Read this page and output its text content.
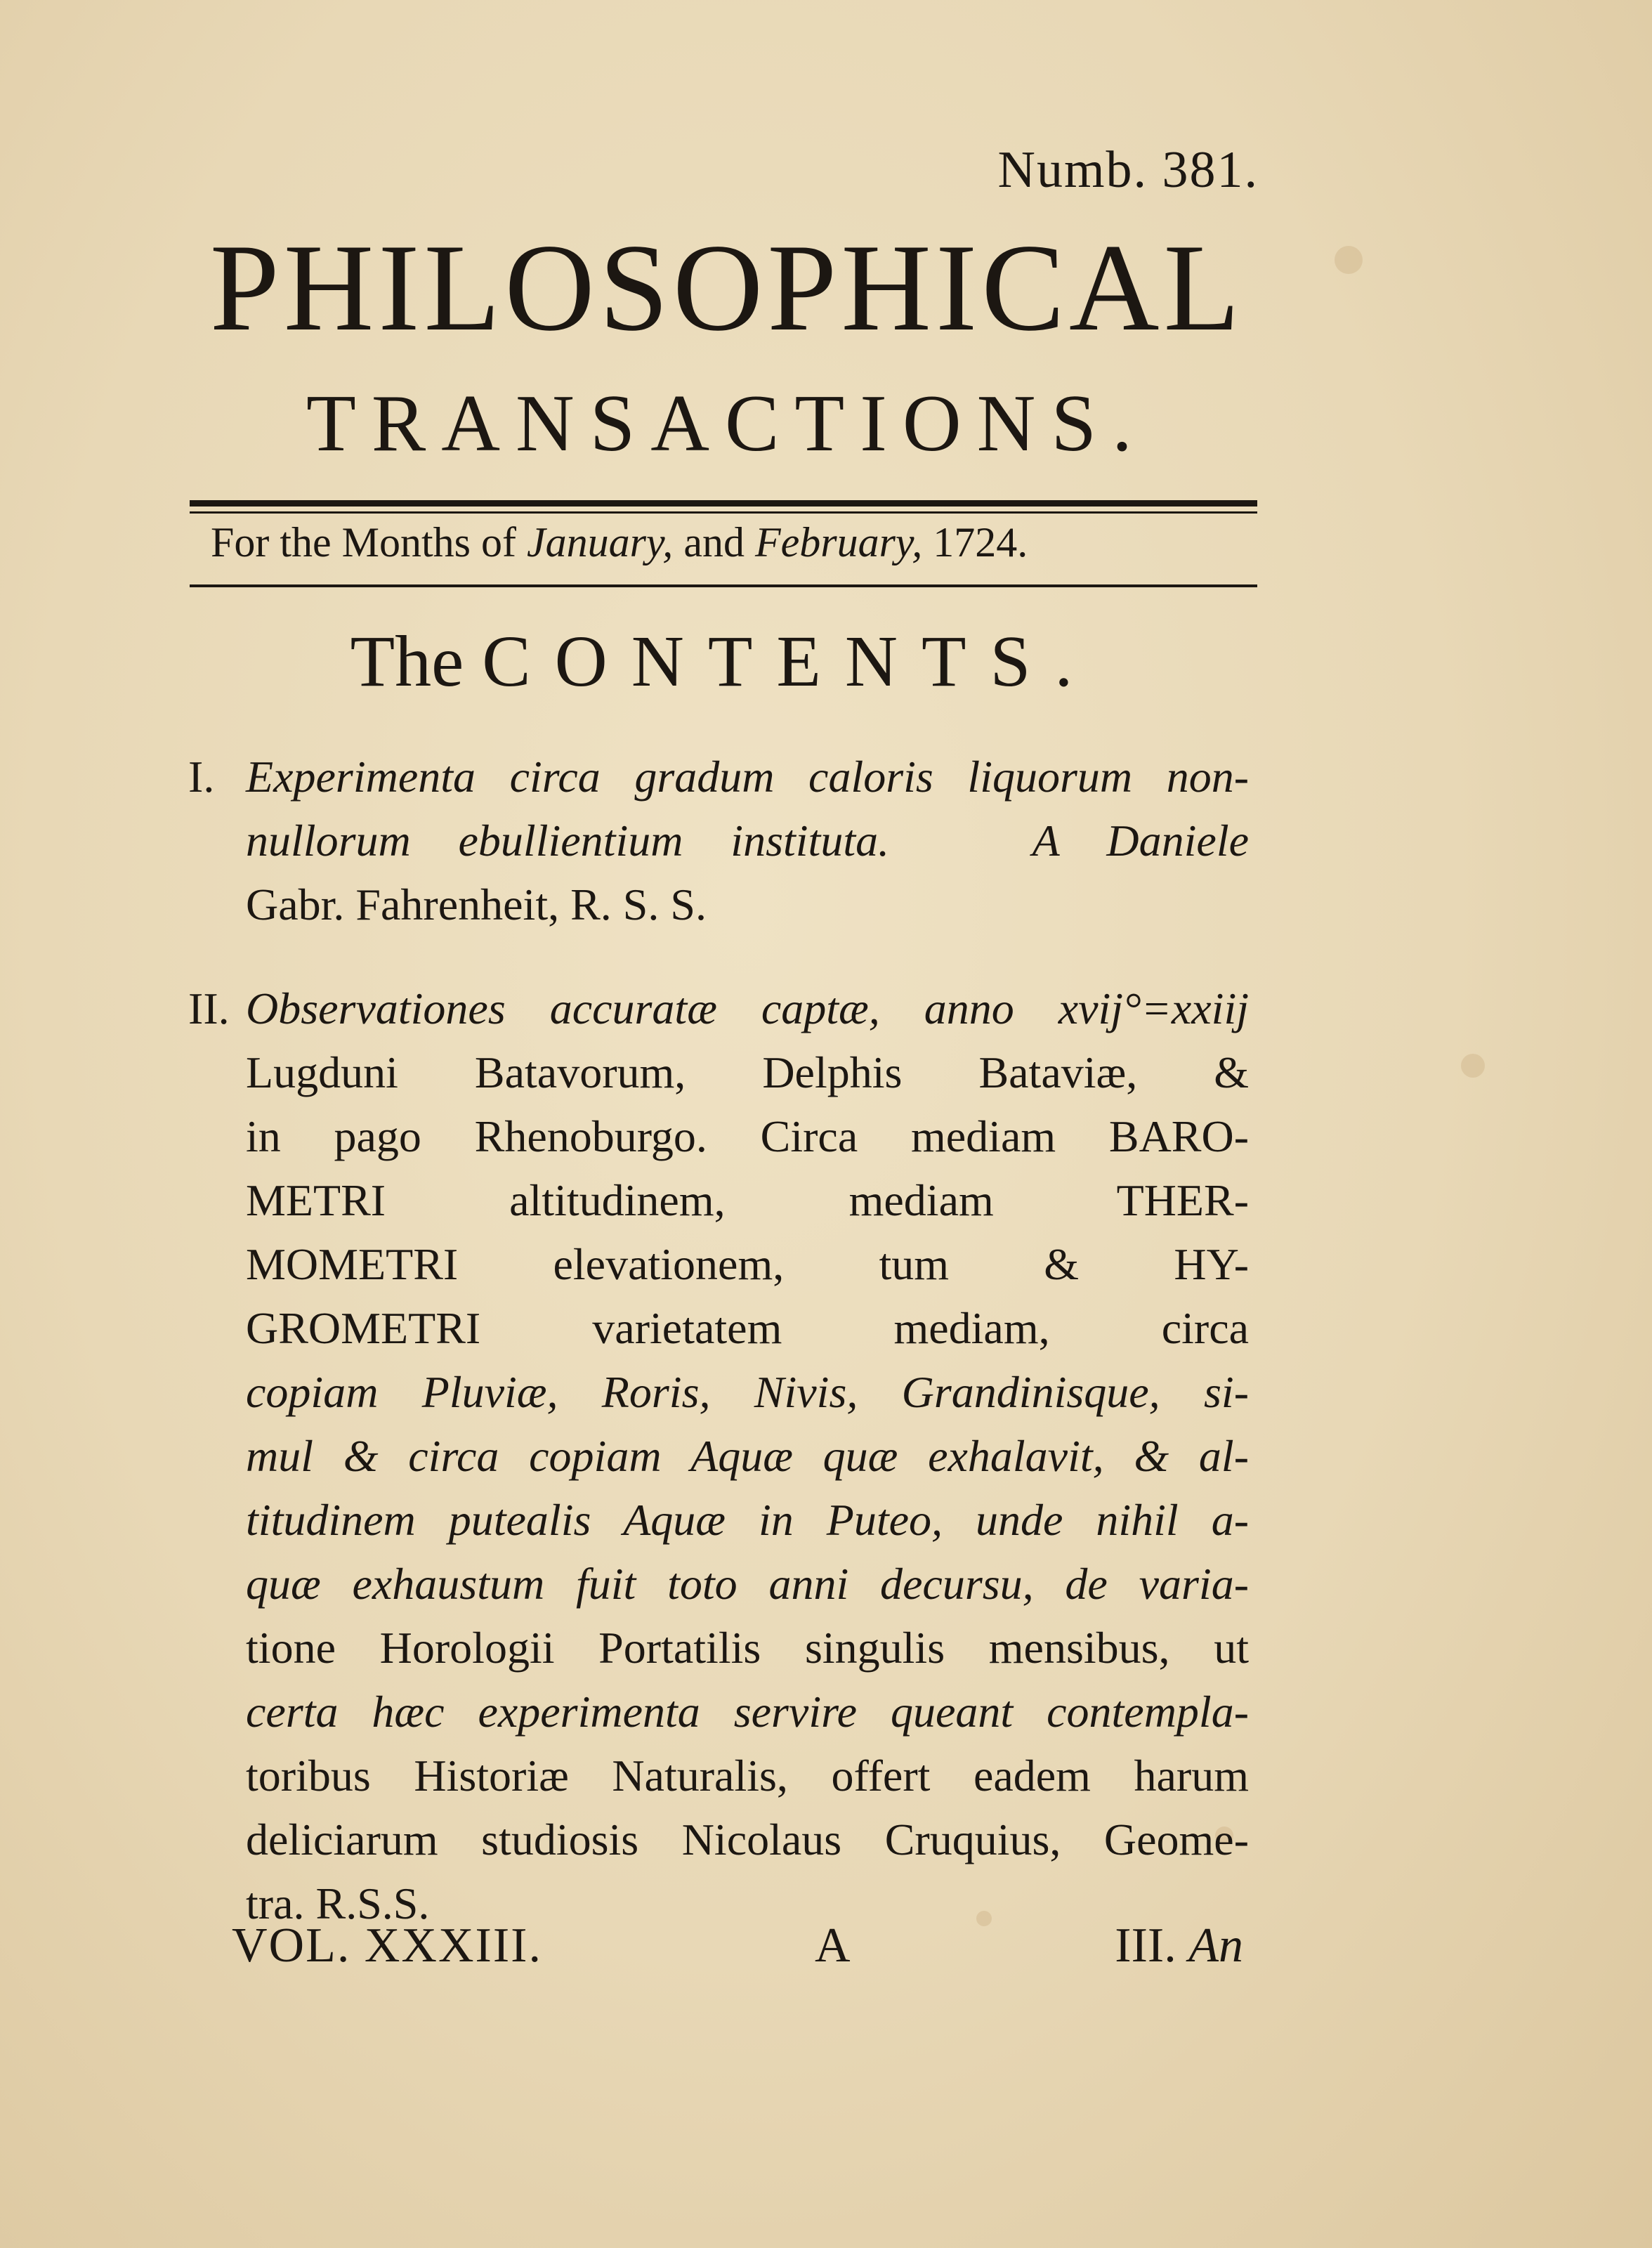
Numb. 381.
PHILOSOPHICAL
TRANSACTIONS.
For the Months of January, and February, 1724.
The CONTENTS.
I. Experimenta circa gradum caloris liquorum non-
nullorum ebullientium instituta.	A Daniele
Gabr. Fahrenheit, R. S. S.
II. Observationes accuratæ captæ, anno xvij°=xxiij
Lugduni Batavorum, Delphis Bataviæ, &
in pago Rhenoburgo. Circa mediam BARO-
METRI altitudinem, mediam THER-
MOMETRI elevationem, tum & HY-
GROMETRI varietatem mediam, circa
copiam Pluviæ, Roris, Nivis, Grandinisque, si-
mul & circa copiam Aquæ quæ exhalavit, & al-
titudinem putealis Aquæ in Puteo, unde nihil a-
quæ exhaustum fuit toto anni decursu, de varia-
tione Horologii Portatilis singulis mensibus, ut
certa hæc experimenta servire queant contempla-
toribus Historiæ Naturalis, offert eadem harum
deliciarum studiosis Nicolaus Cruquius, Geome-
tra. R.S.S.
VOL. XXXIII.	A	III. An
